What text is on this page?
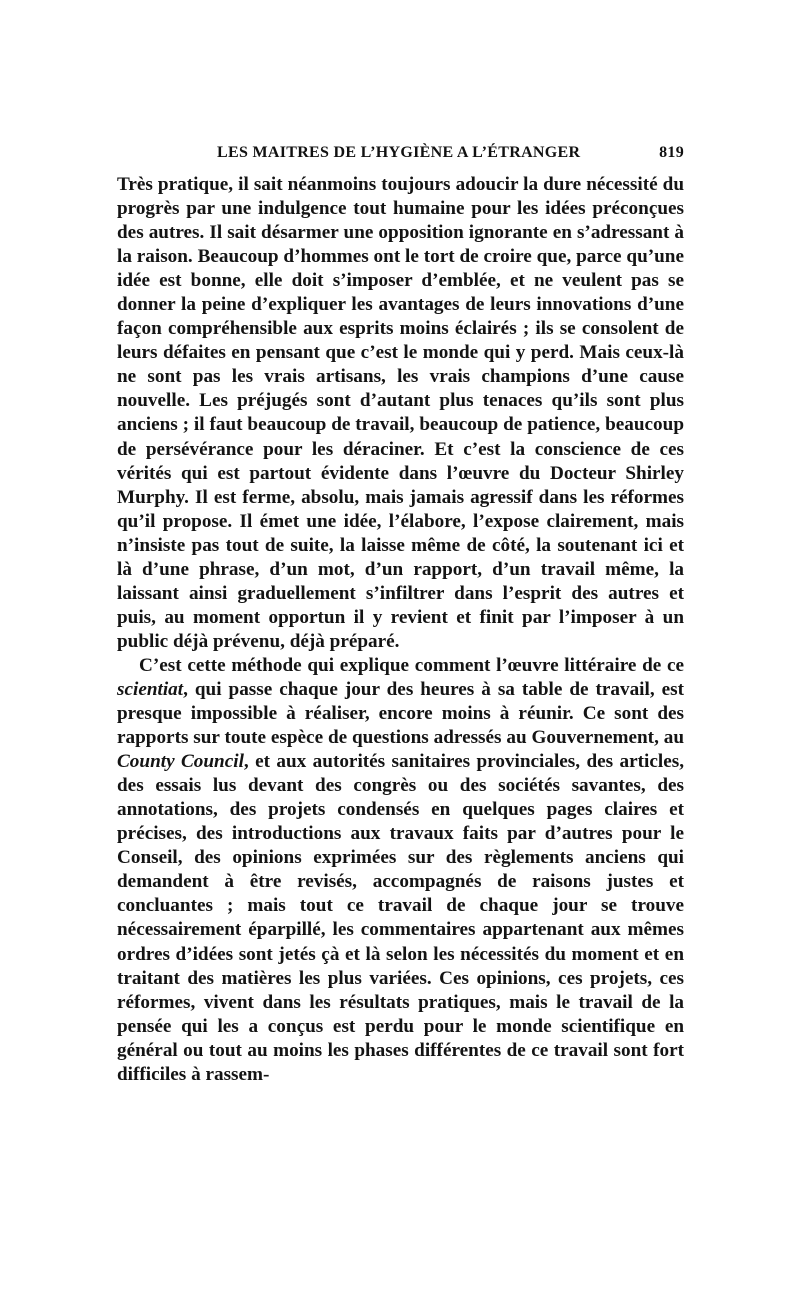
LES MAITRES DE L’HYGIÈNE A L’ÉTRANGER	819

Très pratique, il sait néanmoins toujours adoucir la dure nécessité du progrès par une indulgence tout humaine pour les idées préconçues des autres. Il sait désarmer une opposition ignorante en s’adressant à la raison. Beaucoup d’hommes ont le tort de croire que, parce qu’une idée est bonne, elle doit s’imposer d’emblée, et ne veulent pas se donner la peine d’expliquer les avantages de leurs innovations d’une façon compréhensible aux esprits moins éclairés ; ils se consolent de leurs défaites en pensant que c’est le monde qui y perd. Mais ceux-là ne sont pas les vrais artisans, les vrais champions d’une cause nouvelle. Les préjugés sont d’autant plus tenaces qu’ils sont plus anciens ; il faut beaucoup de travail, beaucoup de patience, beaucoup de persévérance pour les déraciner. Et c’est la conscience de ces vérités qui est partout évidente dans l’œuvre du Docteur Shirley Murphy. Il est ferme, absolu, mais jamais agressif dans les réformes qu’il propose. Il émet une idée, l’élabore, l’expose clairement, mais n’insiste pas tout de suite, la laisse même de côté, la soutenant ici et là d’une phrase, d’un mot, d’un rapport, d’un travail même, la laissant ainsi graduellement s’infiltrer dans l’esprit des autres et puis, au moment opportun il y revient et finit par l’imposer à un public déjà prévenu, déjà préparé.

C’est cette méthode qui explique comment l’œuvre littéraire de ce scientiat, qui passe chaque jour des heures à sa table de travail, est presque impossible à réaliser, encore moins à réunir. Ce sont des rapports sur toute espèce de questions adressés au Gouvernement, au County Council, et aux autorités sanitaires provinciales, des articles, des essais lus devant des congrès ou des sociétés savantes, des annotations, des projets condensés en quelques pages claires et précises, des introductions aux travaux faits par d’autres pour le Conseil, des opinions exprimées sur des règlements anciens qui demandent à être revisés, accompagnés de raisons justes et concluantes ; mais tout ce travail de chaque jour se trouve nécessairement éparpillé, les commentaires appartenant aux mêmes ordres d’idées sont jetés çà et là selon les nécessités du moment et en traitant des matières les plus variées. Ces opinions, ces projets, ces réformes, vivent dans les résultats pratiques, mais le travail de la pensée qui les a conçus est perdu pour le monde scientifique en général ou tout au moins les phases différentes de ce travail sont fort difficiles à rassem-
